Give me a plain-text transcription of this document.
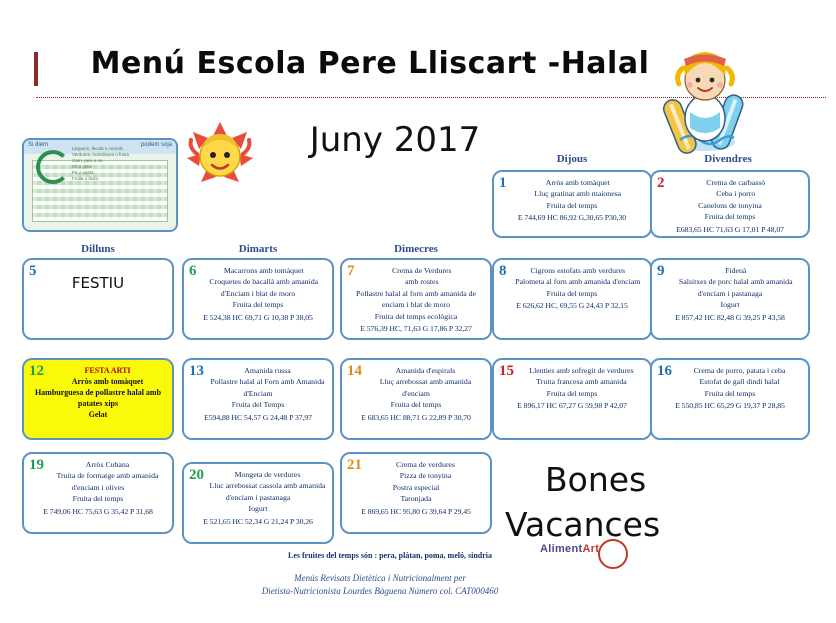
Menú Escola Pere Lliscart -Halal
Juny 2017
Si diem	podem soja
Llegums, fècula o cereals
Verdures, hortalisses o fruita
Carn, peix o ou
Oli o greix
Pa o pasta
Fruita o làctic
Dilluns	Dimarts	Dimecres
Dijous	Divendres
1	Arròs amb tomàquet
Lluç gratinat amb maionesa
Fruita del temps
E 744,69 HC 86,92 G,30,65 P30,30
2	Crema de carbassó
Ceba i porro
Canelons de tonyina
Fruita del temps
E683,65 HC 71,63 G 17,01 P 48,07
5
FESTIU
6	Macarrons amb tomàquet
Croquetes de bacallà amb amanida d'Enciam i blat de moro
Fruita del temps
E 524,38 HC 69,71 G 10,38 P 38,05
7	Crema de Verdures
amb rostes
Pollastre halal al forn amb amanida de enciam i blat de moro
Fruita del temps ecològica
E 576,39 HC, 71,63 G 17,86 P 32,27
8	Cigrons estofats amb verdures
Palometa al forn amb amanida d'enciam
Fruita del temps
E 626,62 HC, 69,55 G 24,43 P 32,15
9	Fideuà
Salsitxes de porc halal amb amanida d'enciam i pastanaga
Iogurt
E 857,42 HC 82,48 G 39,25 P 43,58
12	FESTA ARTI
Arròs amb tomàquet
Hamburguesa de pollastre halal amb patates xips
Gelat
13	Amanida russa
Pollastre halal al Forn amb Amanida d'Enciam
Fruita del Temps
E594,88 HC 54,57 G 24,48 P 37,97
14	Amanida d'espirals
Lluç arrebossat amb amanida d'enciam
Fruita del temps
E 683,65 HC 88,71 G 22,89 P 30,70
15	Llenties amb sofregit de verdures
Truita francesa amb amanida
Fruita del temps
E 896,17 HC 67,27 G 59,98 P 42,07
16	Crema de porro, patata i ceba
Estofat de gall dindi halal
Fruita del temps
E 550,85 HC 65,29 G 19,37 P 28,85
19	Arròs Cubana
Truita de formatge amb amanida d'enciam i olives
Fruita del temps
E 749,06 HC 75,63 G 35,42 P 31,68
20	Mongeta de verdures
Lluc arrebossat cassola amb amanida d'enciam i pastanaga
Iogurt
E 521,65 HC 52,34 G 21,24 P 30,26
21	Crema de verdures
Pizza de tonyina
Postra especial
Taronjada
E 869,65 HC 95,80 G 39,64 P 29,45
Bones
Vacances
Les fruites del temps són : pera, plàtan, poma, meló, sindria
Menús Revisats Dietètica i Nutricionalment per
Dietista-Nutricionista Lourdes Bàguena Número col. CAT000460
AlimentArt
